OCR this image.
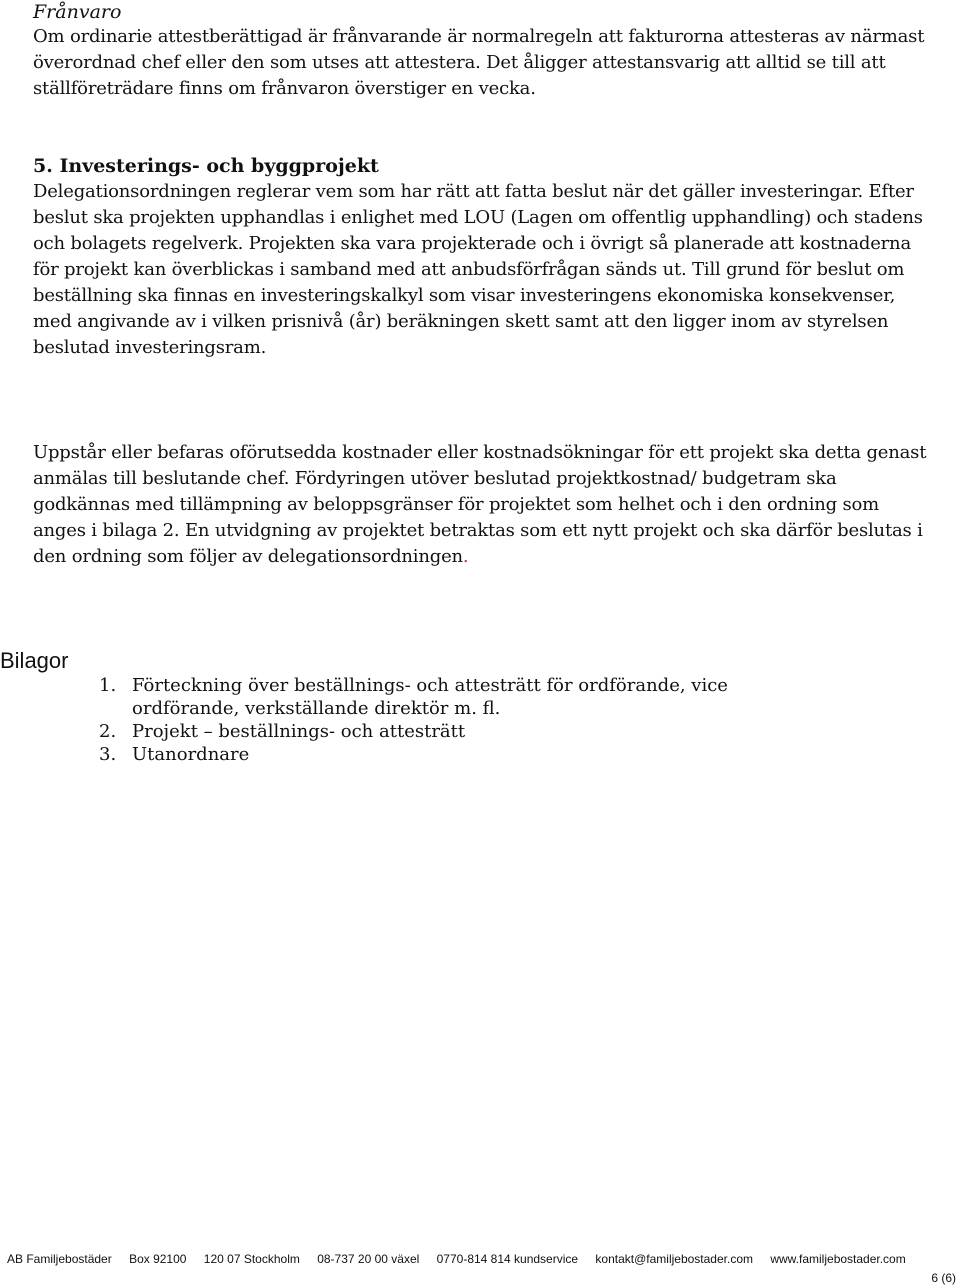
Frånvaro
Om ordinarie attestberättigad är frånvarande är normalregeln att fakturorna attesteras av närmast överordnad chef eller den som utses att attestera. Det åligger attestansvarig att alltid se till att ställföreträdare finns om frånvaron överstiger en vecka.
5. Investerings- och byggprojekt
Delegationsordningen reglerar vem som har rätt att fatta beslut när det gäller investeringar. Efter beslut ska projekten upphandlas i enlighet med LOU (Lagen om offentlig upphandling) och stadens och bolagets regelverk. Projekten ska vara projekterade och i övrigt så planerade att kostnaderna för projekt kan överblickas i samband med att anbudsförfrågan sänds ut. Till grund för beslut om beställning ska finnas en investeringskalkyl som visar investeringens ekonomiska konsekvenser, med angivande av i vilken prisnivå (år) beräkningen skett samt att den ligger inom av styrelsen beslutad investeringsram.
Uppstår eller befaras oförutsedda kostnader eller kostnadsökningar för ett projekt ska detta genast anmälas till beslutande chef. Fördyringen utöver beslutad projektkostnad/ budgetram ska godkännas med tillämpning av beloppsgränser för projektet som helhet och i den ordning som anges i bilaga 2. En utvidgning av projektet betraktas som ett nytt projekt och ska därför beslutas i den ordning som följer av delegationsordningen.
Bilagor
1. Förteckning över beställnings- och attesträtt för ordförande, vice ordförande, verkställande direktör m. fl.
2. Projekt – beställnings- och attesträtt
3. Utanordnare
AB Familjebostäder Box 92100 120 07 Stockholm 08-737 20 00 växel 0770-814 814 kundservice kontakt@familjebostader.com www.familjebostader.com
6 (6)
